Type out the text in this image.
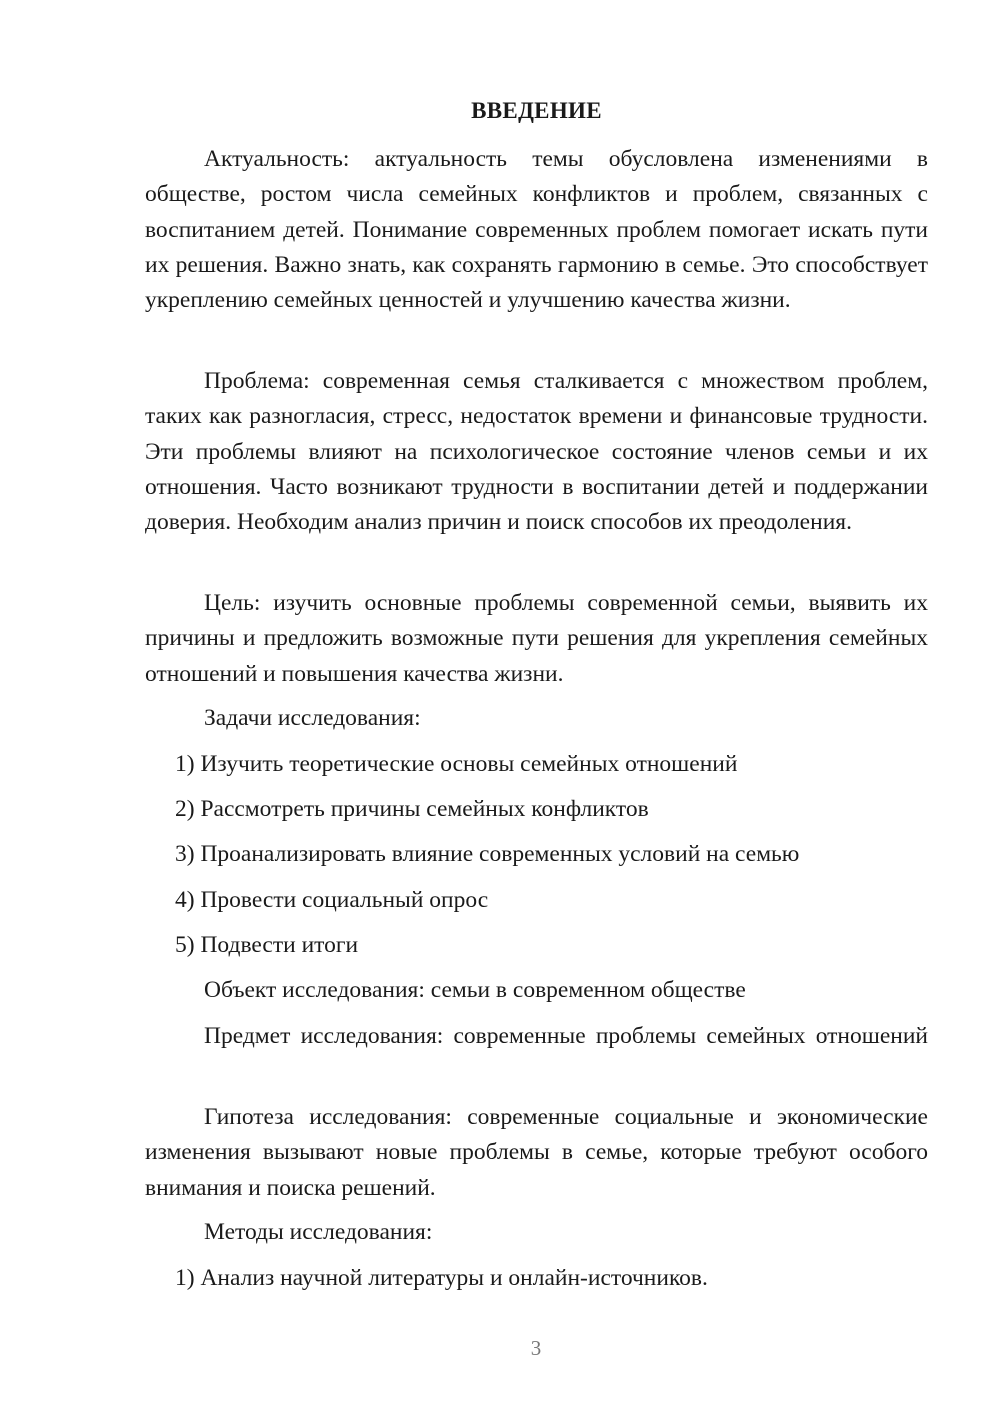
ВВЕДЕНИЕ

Актуальность: актуальность темы обусловлена изменениями в обществе, ростом числа семейных конфликтов и проблем, связанных с воспитанием детей. Понимание современных проблем помогает искать пути их решения. Важно знать, как сохранять гармонию в семье. Это способствует укреплению семейных ценностей и улучшению качества жизни.

Проблема: современная семья сталкивается с множеством проблем, таких как разногласия, стресс, недостаток времени и финансовые трудности. Эти проблемы влияют на психологическое состояние членов семьи и их отношения. Часто возникают трудности в воспитании детей и поддержании доверия. Необходим анализ причин и поиск способов их преодоления.

Цель: изучить основные проблемы современной семьи, выявить их причины и предложить возможные пути решения для укрепления семейных отношений и повышения качества жизни.

Задачи исследования:

1) Изучить теоретические основы семейных отношений

2) Рассмотреть причины семейных конфликтов

3) Проанализировать влияние современных условий на семью

4) Провести социальный опрос

5) Подвести итоги

Объект исследования: семьи в современном обществе

Предмет исследования: современные проблемы семейных отношений

Гипотеза исследования: современные социальные и экономические изменения вызывают новые проблемы в семье, которые требуют особого внимания и поиска решений.

Методы исследования:

1) Анализ научной литературы и онлайн-источников.

3
